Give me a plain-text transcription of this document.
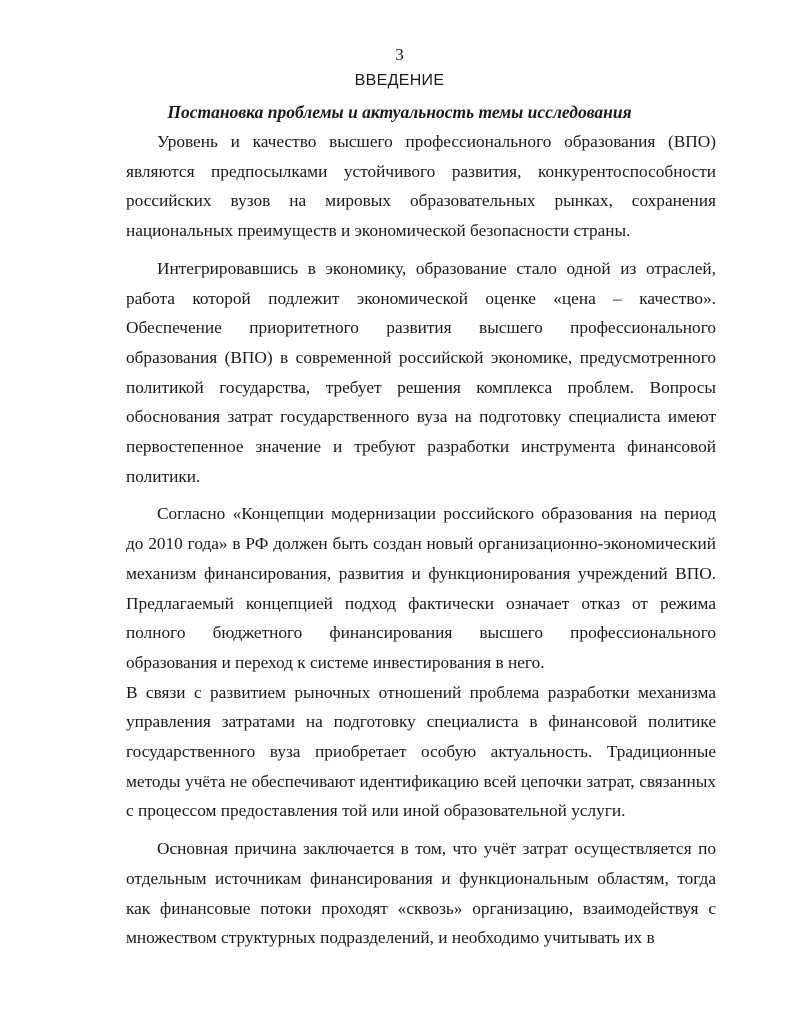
3
ВВЕДЕНИЕ
Постановка проблемы и актуальность темы исследования

Уровень и качество высшего профессионального образования (ВПО) являются предпосылками устойчивого развития, конкурентоспособности российских вузов на мировых образовательных рынках, сохранения национальных преимуществ и экономической безопасности страны.

Интегрировавшись в экономику, образование стало одной из отраслей, работа которой подлежит экономической оценке «цена – качество». Обеспечение приоритетного развития высшего профессионального образования (ВПО) в современной российской экономике, предусмотренного политикой государства, требует решения комплекса проблем. Вопросы обоснования затрат государственного вуза на подготовку специалиста имеют первостепенное значение и требуют разработки инструмента финансовой политики.

Согласно «Концепции модернизации российского образования на период до 2010 года» в РФ должен быть создан новый организационно-экономический механизм финансирования, развития и функционирования учреждений ВПО. Предлагаемый концепцией подход фактически означает отказ от режима полного бюджетного финансирования высшего профессионального образования и переход к системе инвестирования в него.

В связи с развитием рыночных отношений проблема разработки механизма управления затратами на подготовку специалиста в финансовой политике государственного вуза приобретает особую актуальность. Традиционные методы учёта не обеспечивают идентификацию всей цепочки затрат, связанных с процессом предоставления той или иной образовательной услуги.

Основная причина заключается в том, что учёт затрат осуществляется по отдельным источникам финансирования и функциональным областям, тогда как финансовые потоки проходят «сквозь» организацию, взаимодействуя с множеством структурных подразделений, и необходимо учитывать их в
